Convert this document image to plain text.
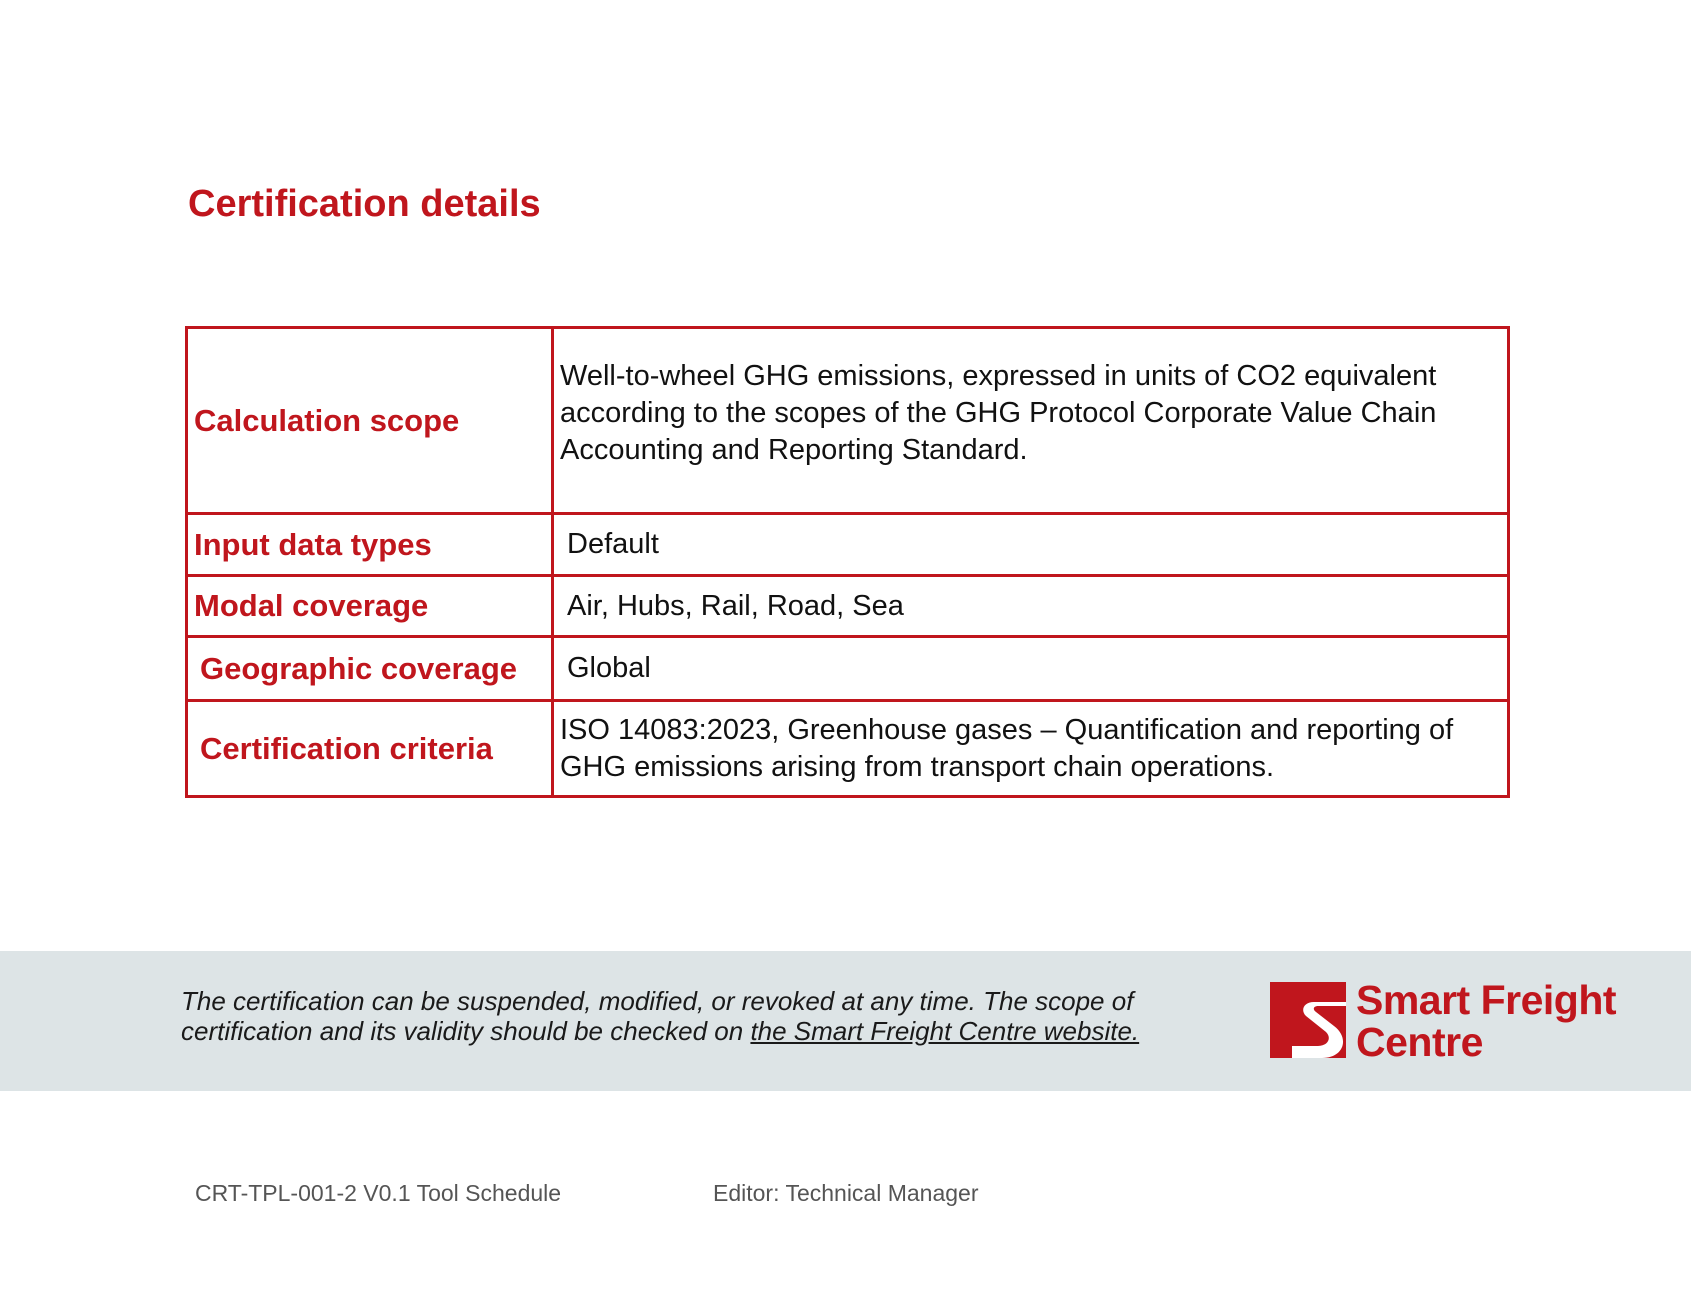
Certification details
Calculation scope	Well-to-wheel GHG emissions, expressed in units of CO2 equivalent according to the scopes of the GHG Protocol Corporate Value Chain Accounting and Reporting Standard.
Input data types	Default
Modal coverage	Air, Hubs, Rail, Road, Sea
Geographic coverage	Global
Certification criteria	ISO 14083:2023, Greenhouse gases – Quantification and reporting of GHG emissions arising from transport chain operations.

The certification can be suspended, modified, or revoked at any time. The scope of certification and its validity should be checked on the Smart Freight Centre website.

Smart Freight
Centre
CRT-TPL-001-2 V0.1 Tool Schedule	Editor: Technical Manager
